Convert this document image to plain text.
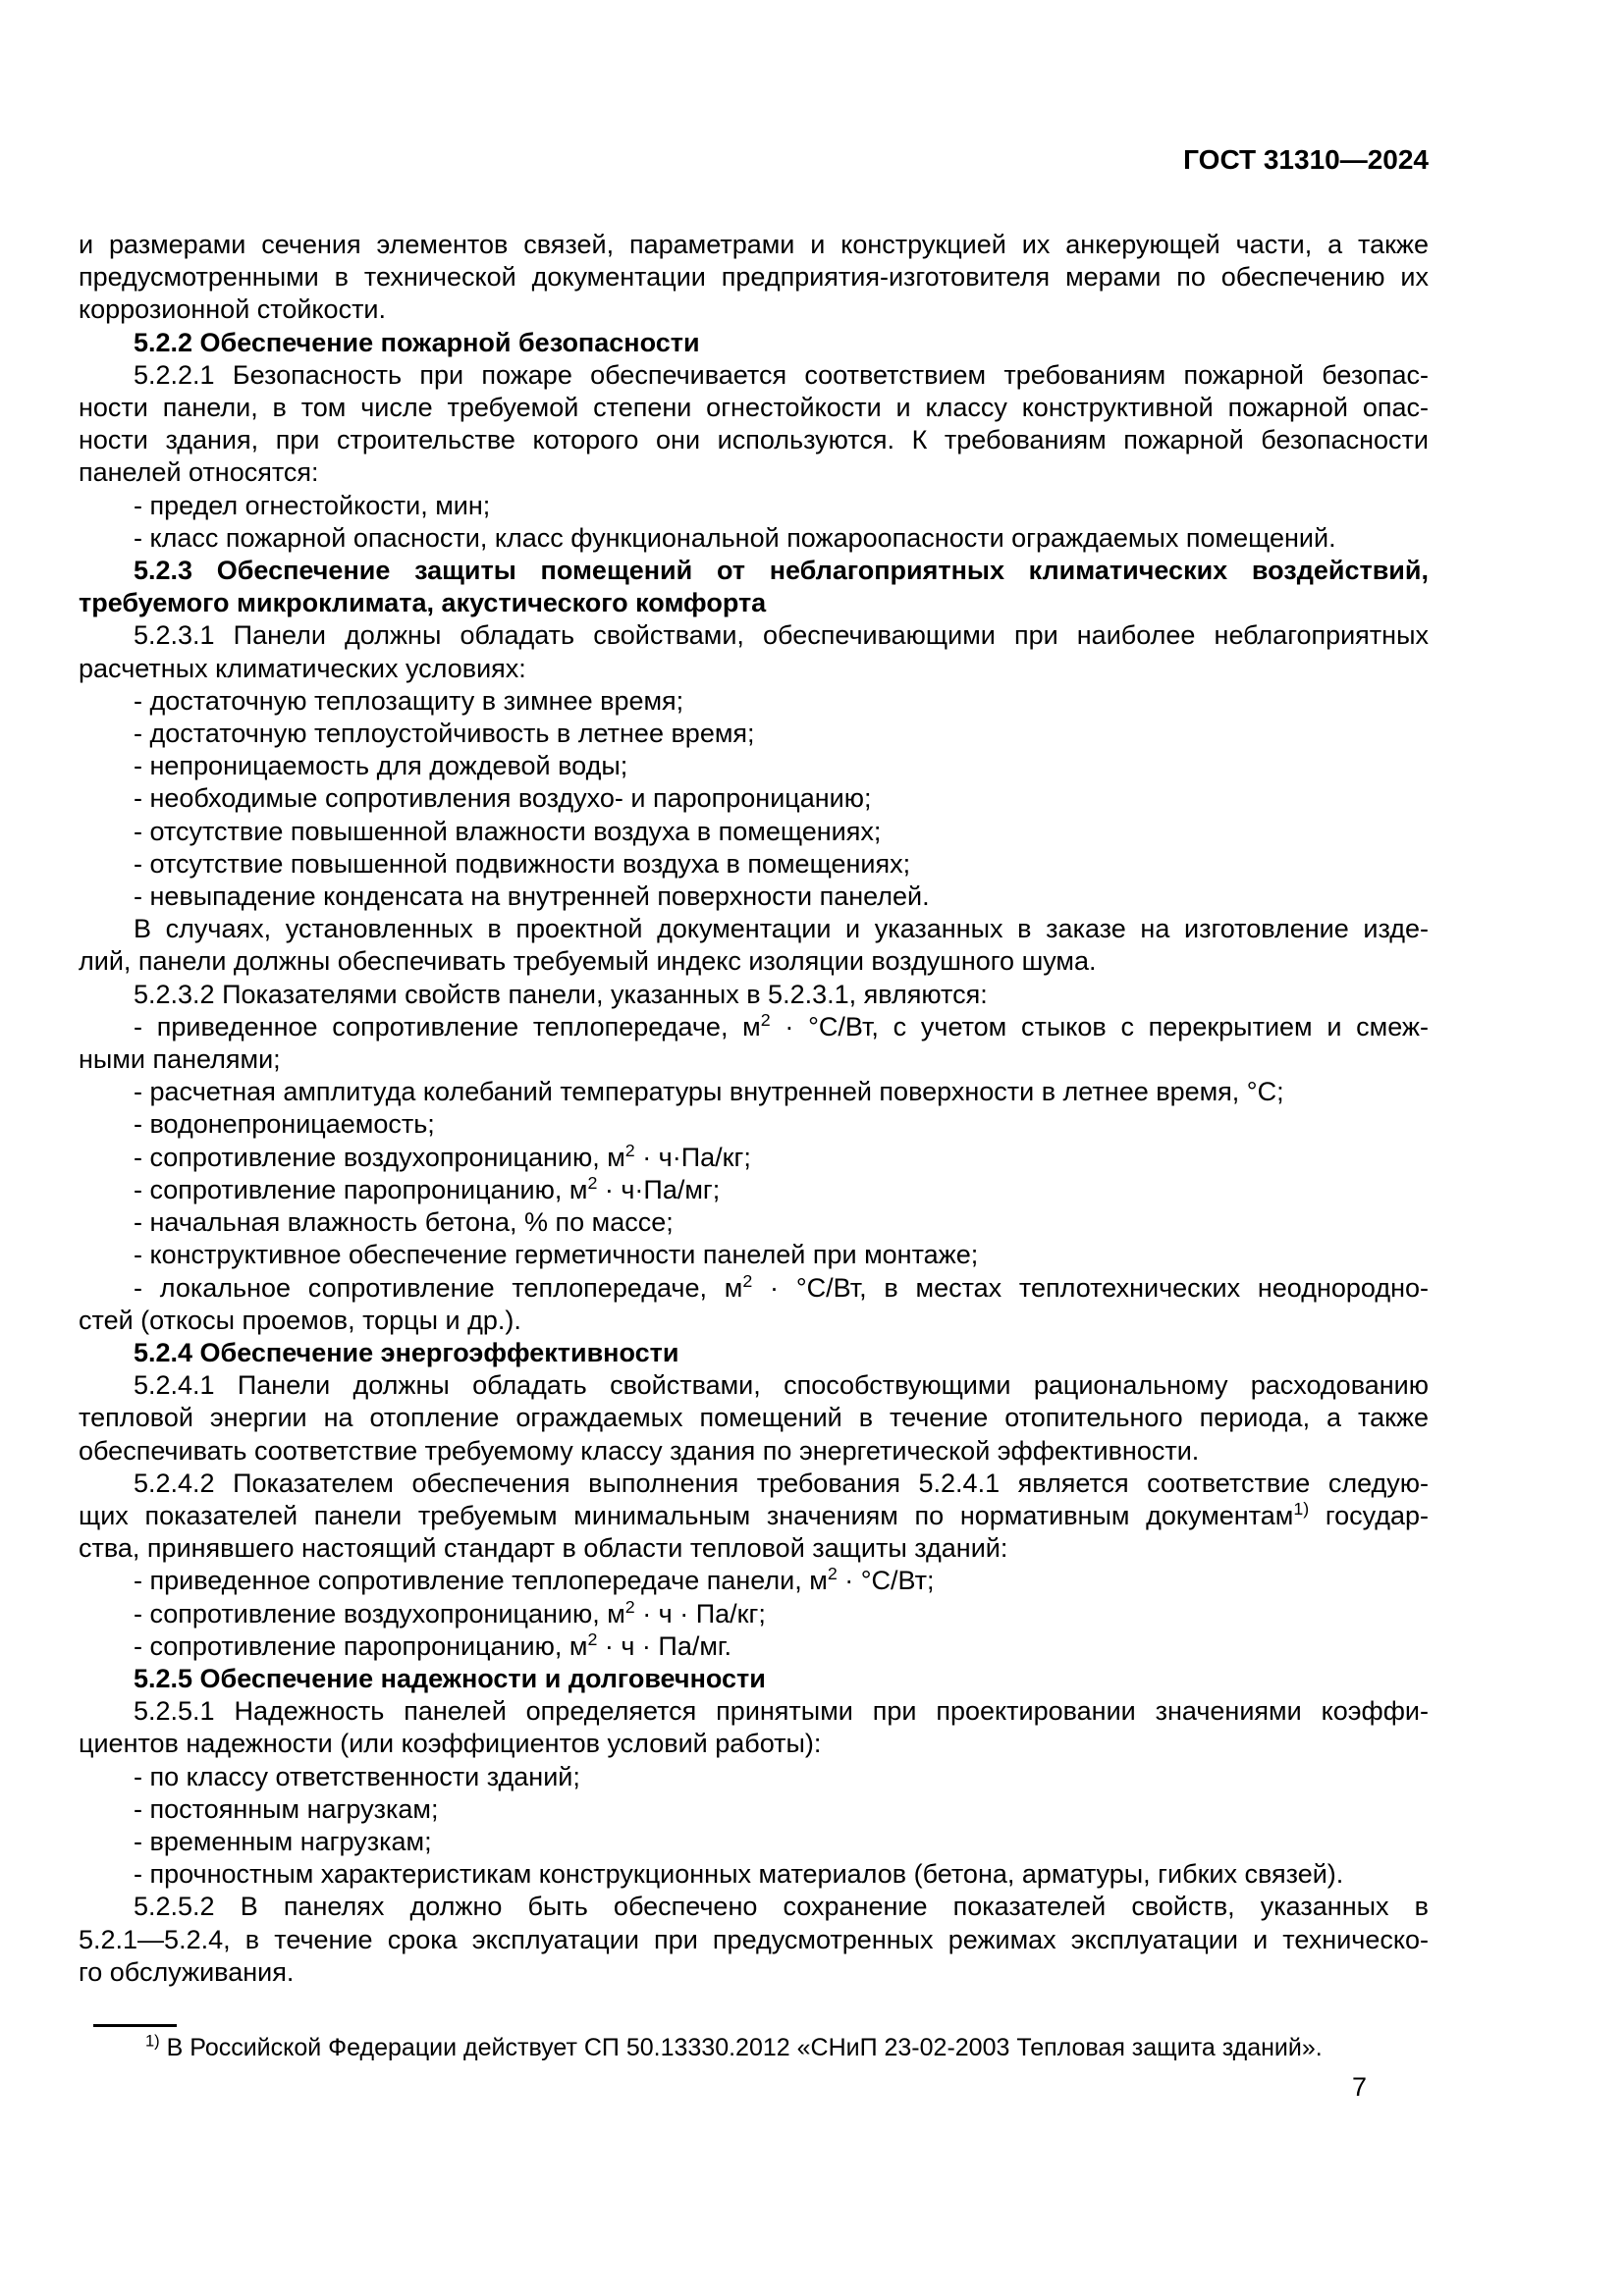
ГОСТ 31310—2024
и размерами сечения элементов связей, параметрами и конструкцией их анкерующей части, а также
предусмотренными в технической документации предприятия-изготовителя мерами по обеспечению их
коррозионной стойкости.
5.2.2 Обеспечение пожарной безопасности
5.2.2.1 Безопасность при пожаре обеспечивается соответствием требованиям пожарной безопас-
ности панели, в том числе требуемой степени огнестойкости и классу конструктивной пожарной опас-
ности здания, при строительстве которого они используются. К требованиям пожарной безопасности
панелей относятся:
- предел огнестойкости, мин;
- класс пожарной опасности, класс функциональной пожароопасности ограждаемых помещений.
5.2.3 Обеспечение защиты помещений от неблагоприятных климатических воздействий,
требуемого микроклимата, акустического комфорта
5.2.3.1 Панели должны обладать свойствами, обеспечивающими при наиболее неблагоприятных
расчетных климатических условиях:
- достаточную теплозащиту в зимнее время;
- достаточную теплоустойчивость в летнее время;
- непроницаемость для дождевой воды;
- необходимые сопротивления воздухо- и паропроницанию;
- отсутствие повышенной влажности воздуха в помещениях;
- отсутствие повышенной подвижности воздуха в помещениях;
- невыпадение конденсата на внутренней поверхности панелей.
В случаях, установленных в проектной документации и указанных в заказе на изготовление изде-
лий, панели должны обеспечивать требуемый индекс изоляции воздушного шума.
5.2.3.2 Показателями свойств панели, указанных в 5.2.3.1, являются:
- приведенное сопротивление теплопередаче, $м^2 \cdot ^\circ С/Вт$, с учетом стыков с перекрытием и смеж-
ными панелями;
- расчетная амплитуда колебаний температуры внутренней поверхности в летнее время, °С;
- водонепроницаемость;
- сопротивление воздухопроницанию, $м^2 \cdot ч\cdot Па/кг$;
- сопротивление паропроницанию, $м^2 \cdot ч\cdot Па/мг$;
- начальная влажность бетона, % по массе;
- конструктивное обеспечение герметичности панелей при монтаже;
- локальное сопротивление теплопередаче, $м^2 \cdot ^\circ С/Вт$, в местах теплотехнических неоднородно-
стей (откосы проемов, торцы и др.).
5.2.4 Обеспечение энергоэффективности
5.2.4.1 Панели должны обладать свойствами, способствующими рациональному расходованию
тепловой энергии на отопление ограждаемых помещений в течение отопительного периода, а также
обеспечивать соответствие требуемому классу здания по энергетической эффективности.
5.2.4.2 Показателем обеспечения выполнения требования 5.2.4.1 является соответствие следую-
щих показателей панели требуемым минимальным значениям по нормативным документам$^{1)}$ государ-
ства, принявшего настоящий стандарт в области тепловой защиты зданий:
- приведенное сопротивление теплопередаче панели, $м^2 \cdot ^\circ С/Вт$;
- сопротивление воздухопроницанию, $м^2 \cdot ч \cdot Па/кг$;
- сопротивление паропроницанию, $м^2 \cdot ч \cdot Па/мг$.
5.2.5 Обеспечение надежности и долговечности
5.2.5.1 Надежность панелей определяется принятыми при проектировании значениями коэффи-
циентов надежности (или коэффициентов условий работы):
- по классу ответственности зданий;
- постоянным нагрузкам;
- временным нагрузкам;
- прочностным характеристикам конструкционных материалов (бетона, арматуры, гибких связей).
5.2.5.2 В панелях должно быть обеспечено сохранение показателей свойств, указанных в
5.2.1—5.2.4, в течение срока эксплуатации при предусмотренных режимах эксплуатации и техническо-
го обслуживания.
$^{1)}$ В Российской Федерации действует СП 50.13330.2012 «СНиП 23-02-2003 Тепловая защита зданий».
7
